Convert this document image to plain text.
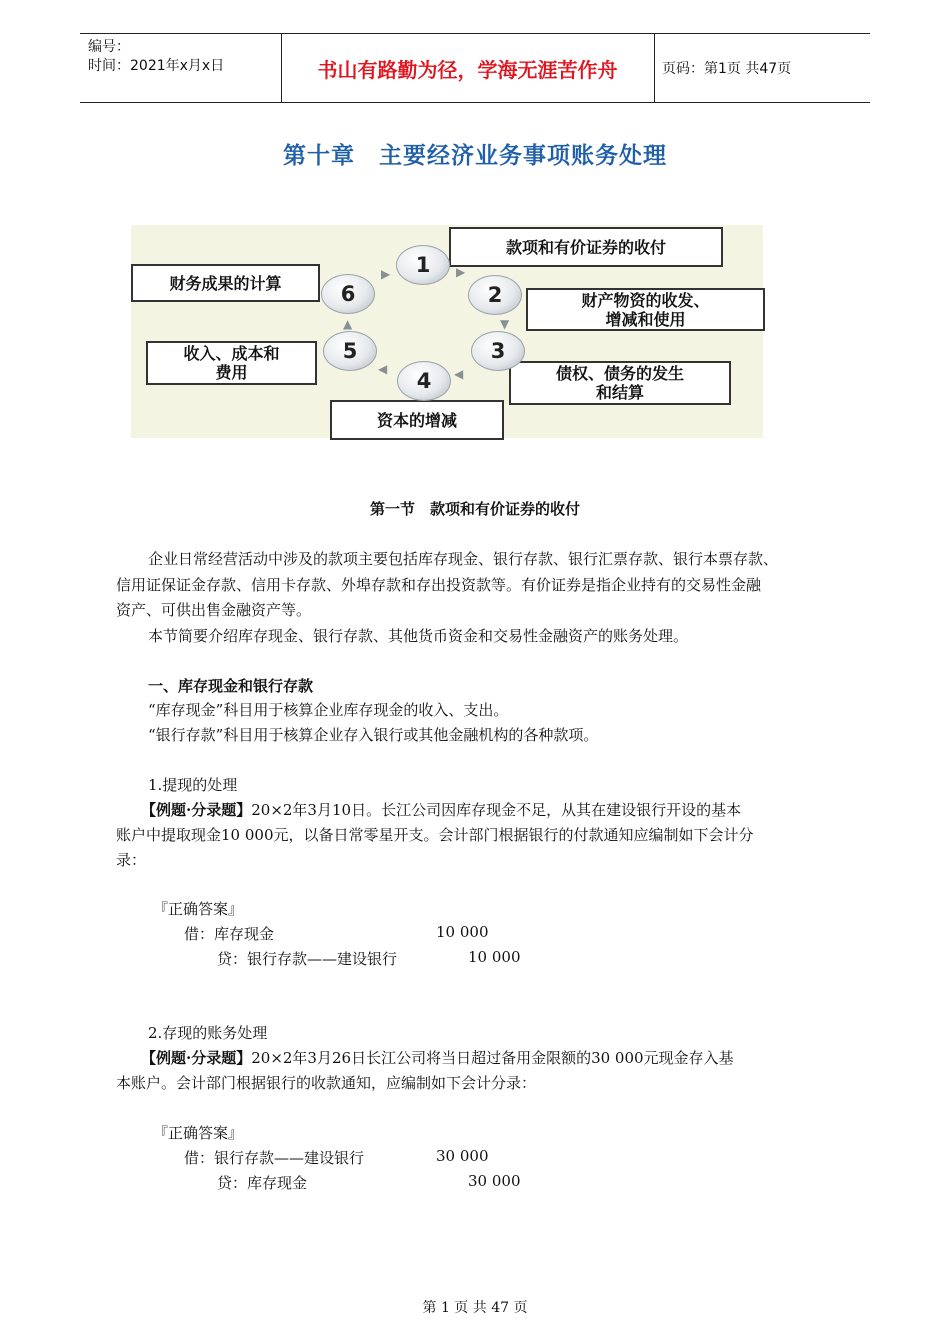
编号：
时间：2021年x月x日	书山有路勤为径，学海无涯苦作舟	页码：第1页 共47页
第十章　主要经济业务事项账务处理
款项和有价证券的收付
财产物资的收发、
增减和使用
债权、债务的发生
和结算
资本的增减
收入、成本和
费用
财务成果的计算
1
2
3
4
5
6
▶
▼
◀
◀
▲
▶
第一节　款项和有价证券的收付
企业日常经营活动中涉及的款项主要包括库存现金、银行存款、银行汇票存款、银行本票存款、
信用证保证金存款、信用卡存款、外埠存款和存出投资款等。有价证券是指企业持有的交易性金融
资产、可供出售金融资产等。
本节简要介绍库存现金、银行存款、其他货币资金和交易性金融资产的账务处理。
一、库存现金和银行存款
“库存现金”科目用于核算企业库存现金的收入、支出。
“银行存款”科目用于核算企业存入银行或其他金融机构的各种款项。
1.提现的处理
【例题·分录题】20×2年3月10日。长江公司因库存现金不足，从其在建设银行开设的基本
账户中提取现金10 000元，以备日常零星开支。会计部门根据银行的付款通知应编制如下会计分
录：
『正确答案』
借：库存现金	10 000
贷：银行存款——建设银行	10 000
2.存现的账务处理
【例题·分录题】20×2年3月26日长江公司将当日超过备用金限额的30 000元现金存入基
本账户。会计部门根据银行的收款通知，应编制如下会计分录：
『正确答案』
借：银行存款——建设银行	30 000
贷：库存现金	30 000
第 1 页 共 47 页
